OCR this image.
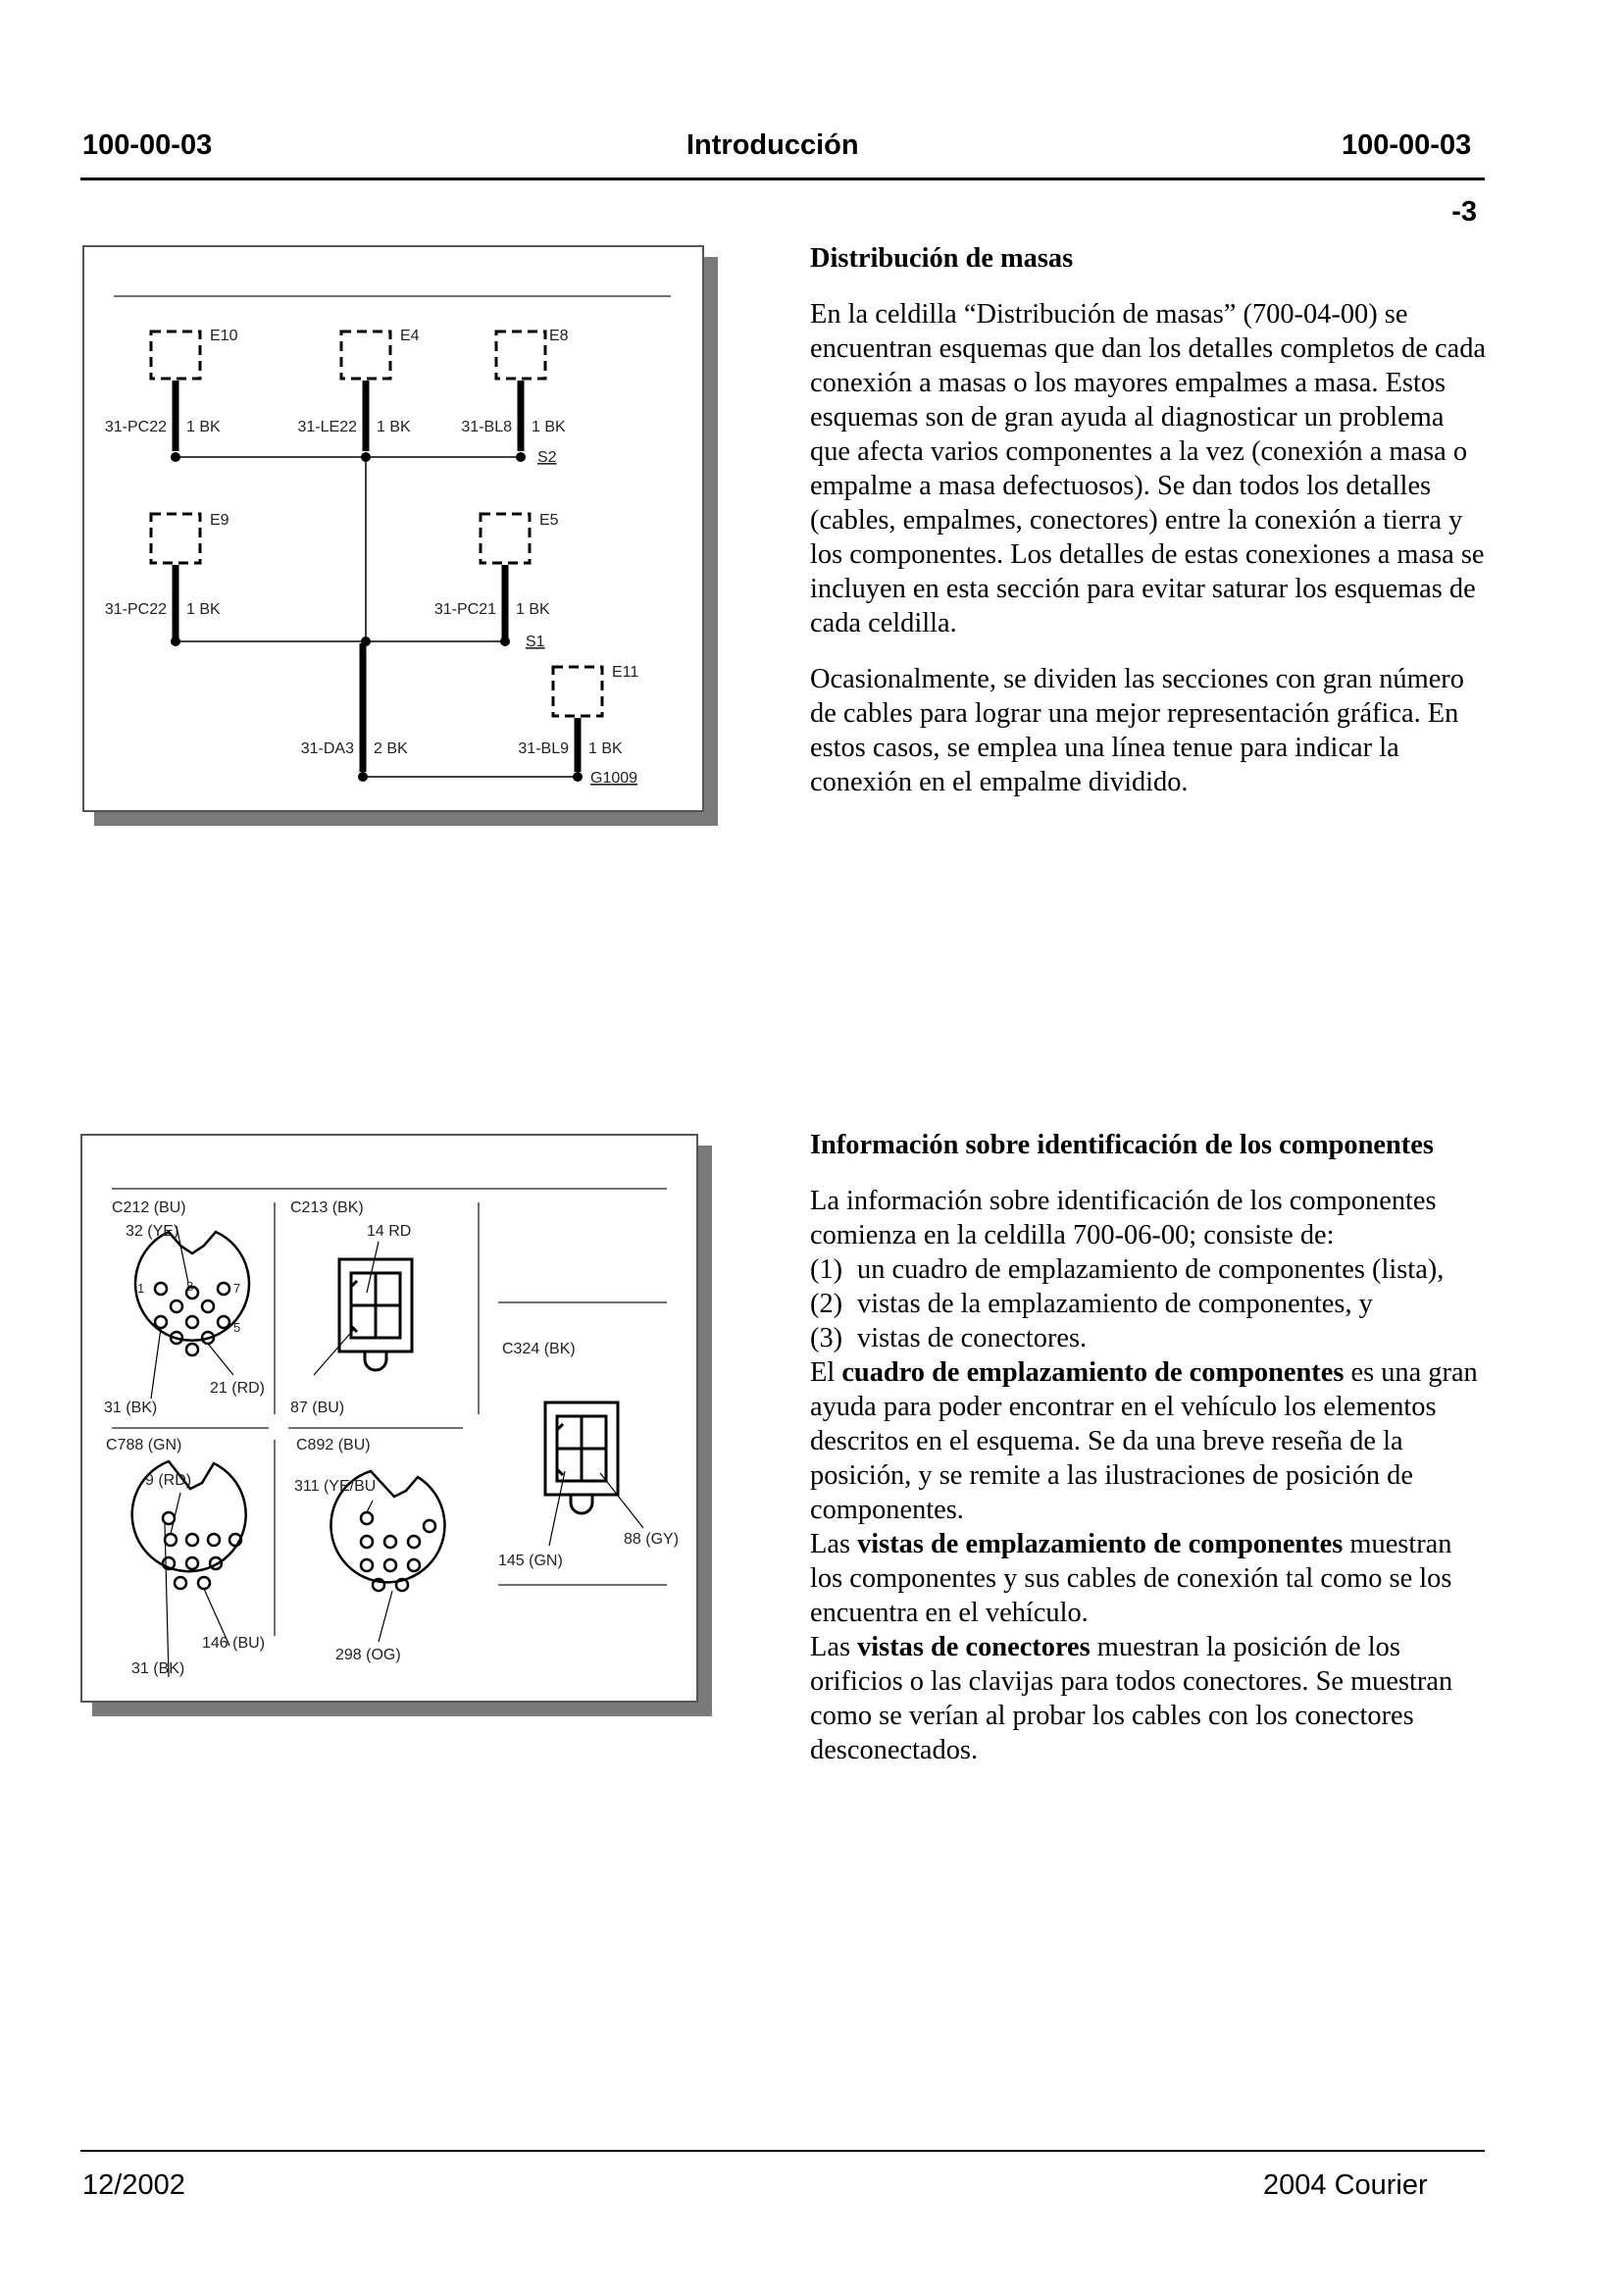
100-00-03	Introducción	100-00-03
-3
E10	E4	E8
E9	E5
E11
31-PC22 1 BK	31-LE22 1 BK	31-BL8 1 BK
31-PC22 1 BK	31-PC21 1 BK
31-DA3 2 BK	31-BL9 1 BK
S2
S1
G1009
Distribución de masas

En la celdilla “Distribución de masas” (700-04-00) se encuentran esquemas que dan los detalles completos de cada conexión a masas o los mayores empalmes a masa. Estos esquemas son de gran ayuda al diagnosticar un problema que afecta varios componentes a la vez (conexión a masa o empalme a masa defectuosos). Se dan todos los detalles (cables, empalmes, conectores) entre la conexión a tierra y los componentes. Los detalles de estas conexiones a masa se incluyen en esta sección para evitar saturar los esquemas de cada celdilla.

Ocasionalmente, se dividen las secciones con gran número de cables para lograr una mejor representación gráfica. En estos casos, se emplea una línea tenue para indicar la conexión en el empalme dividido.

C212 (BU)
32 (YE)
1	8	7
5
31 (BK)
21 (RD)
C213 (BK)
14 RD
87 (BU)
C324 (BK)
88 (GY)
145 (GN)
C788 (GN)
9 (RD)
146 (BU)
31 (BK)
C892 (BU)
311 (YE/BU
298 (OG)
Información sobre identificación de los componentes

La información sobre identificación de los componentes comienza en la celdilla 700-06-00; consiste de:

(1) un cuadro de emplazamiento de componentes (lista),
(2) vistas de la emplazamiento de componentes, y
(3) vistas de conectores.

El cuadro de emplazamiento de componentes es una gran ayuda para poder encontrar en el vehículo los elementos descritos en el esquema. Se da una breve reseña de la posición, y se remite a las ilustraciones de posición de componentes.

Las vistas de emplazamiento de componentes muestran los componentes y sus cables de conexión tal como se los encuentra en el vehículo.

Las vistas de conectores muestran la posición de los orificios o las clavijas para todos conectores. Se muestran como se verían al probar los cables con los conectores desconectados.

12/2002	2004 Courier
